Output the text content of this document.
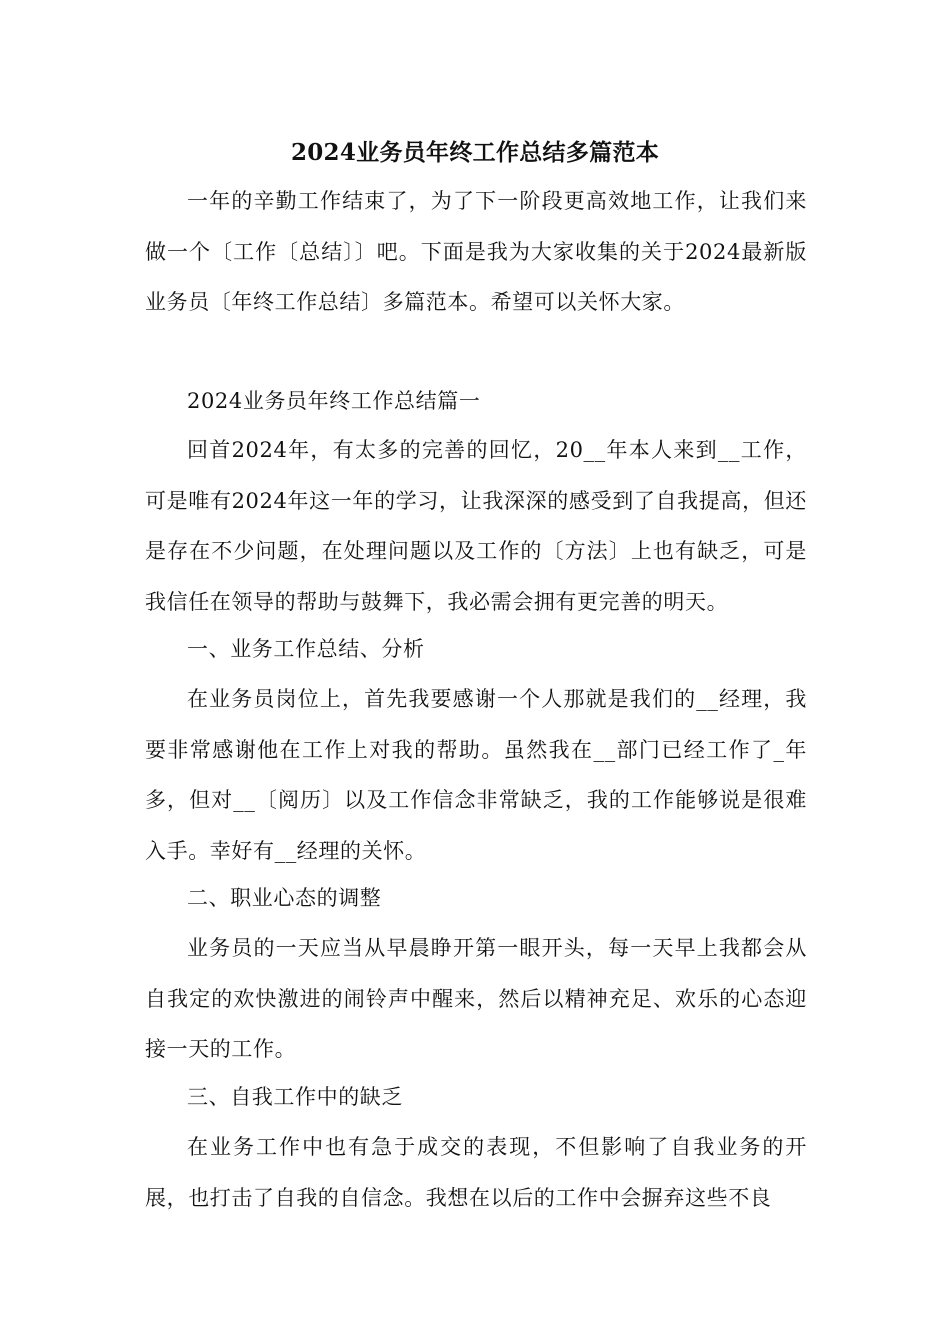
2024业务员年终工作总结多篇范本

一年的辛勤工作结束了，为了下一阶段更高效地工作，让我们来做一个〔工作〔总结〕〕吧。下面是我为大家收集的关于2024最新版业务员〔年终工作总结〕多篇范本。希望可以关怀大家。

2024业务员年终工作总结篇一

回首2024年，有太多的完善的回忆，20__年本人来到__工作，可是唯有2024年这一年的学习，让我深深的感受到了自我提高，但还是存在不少问题，在处理问题以及工作的〔方法〕上也有缺乏，可是我信任在领导的帮助与鼓舞下，我必需会拥有更完善的明天。

一、业务工作总结、分析

在业务员岗位上，首先我要感谢一个人那就是我们的__经理，我要非常感谢他在工作上对我的帮助。虽然我在__部门已经工作了_年多，但对__〔阅历〕以及工作信念非常缺乏，我的工作能够说是很难入手。幸好有__经理的关怀。

二、职业心态的调整

业务员的一天应当从早晨睁开第一眼开头，每一天早上我都会从自我定的欢快激进的闹铃声中醒来，然后以精神充足、欢乐的心态迎接一天的工作。

三、自我工作中的缺乏

在业务工作中也有急于成交的表现，不但影响了自我业务的开展，也打击了自我的自信念。我想在以后的工作中会摒弃这些不良
